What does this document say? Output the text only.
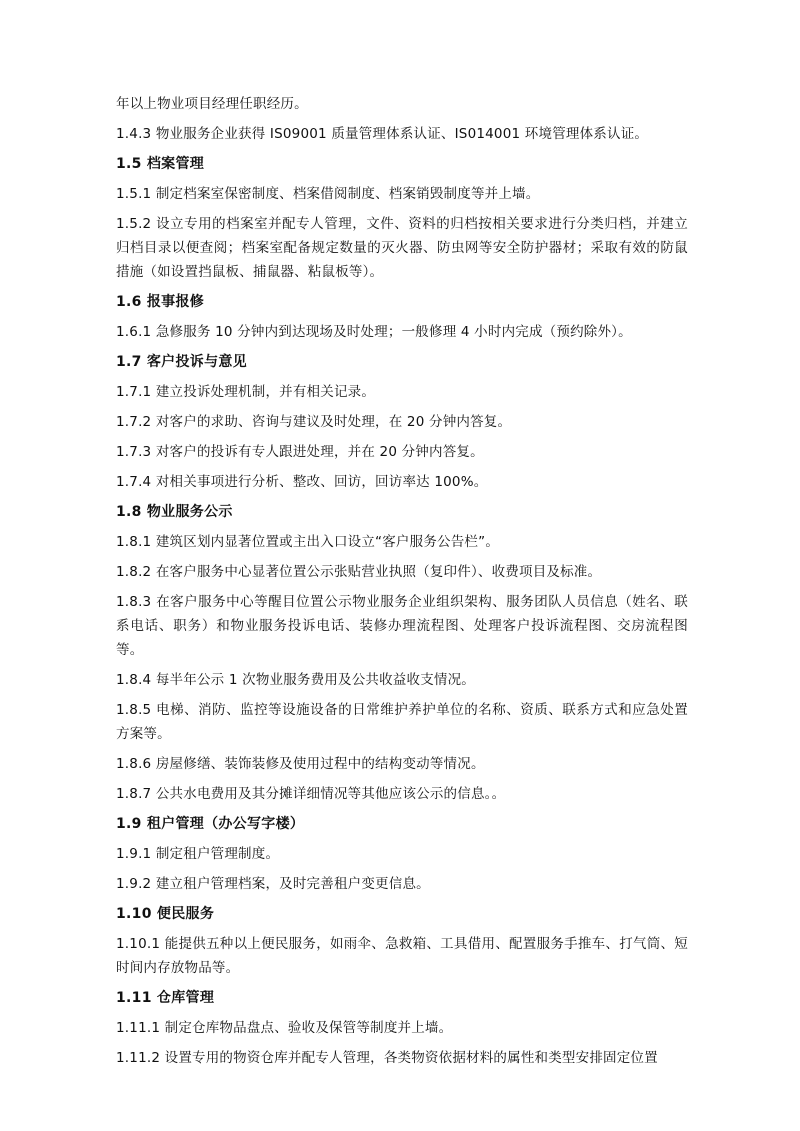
年以上物业项目经理任职经历。

1.4.3 物业服务企业获得 IS09001 质量管理体系认证、IS014001 环境管理体系认证。

1.5 档案管理

1.5.1 制定档案室保密制度、档案借阅制度、档案销毁制度等并上墙。

1.5.2 设立专用的档案室并配专人管理，文件、资料的归档按相关要求进行分类归档，并建立归档目录以便查阅；档案室配备规定数量的灭火器、防虫网等安全防护器材；采取有效的防鼠措施（如设置挡鼠板、捕鼠器、粘鼠板等）。

1.6 报事报修

1.6.1 急修服务 10 分钟内到达现场及时处理；一般修理 4 小时内完成（预约除外）。

1.7 客户投诉与意见

1.7.1 建立投诉处理机制，并有相关记录。

1.7.2 对客户的求助、咨询与建议及时处理，在 20 分钟内答复。

1.7.3 对客户的投诉有专人跟进处理，并在 20 分钟内答复。

1.7.4 对相关事项进行分析、整改、回访，回访率达 100%。

1.8 物业服务公示

1.8.1 建筑区划内显著位置或主出入口设立“客户服务公告栏”。

1.8.2 在客户服务中心显著位置公示张贴营业执照（复印件）、收费项目及标准。

1.8.3 在客户服务中心等醒目位置公示物业服务企业组织架构、服务团队人员信息（姓名、联系电话、职务）和物业服务投诉电话、装修办理流程图、处理客户投诉流程图、交房流程图等。

1.8.4 每半年公示 1 次物业服务费用及公共收益收支情况。

1.8.5 电梯、消防、监控等设施设备的日常维护养护单位的名称、资质、联系方式和应急处置方案等。

1.8.6 房屋修缮、装饰装修及使用过程中的结构变动等情况。

1.8.7 公共水电费用及其分摊详细情况等其他应该公示的信息。。

1.9 租户管理（办公写字楼）

1.9.1 制定租户管理制度。

1.9.2 建立租户管理档案，及时完善租户变更信息。

1.10 便民服务

1.10.1 能提供五种以上便民服务，如雨伞、急救箱、工具借用、配置服务手推车、打气筒、短时间内存放物品等。

1.11 仓库管理

1.11.1 制定仓库物品盘点、验收及保管等制度并上墙。

1.11.2 设置专用的物资仓库并配专人管理，各类物资依据材料的属性和类型安排固定位置
